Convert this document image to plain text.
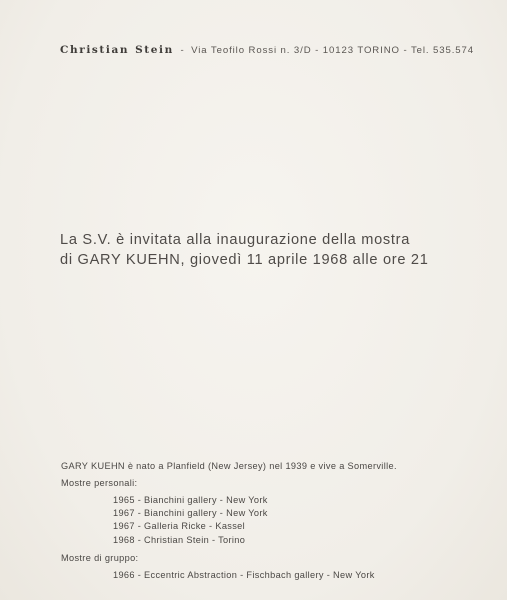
Christian Stein - Via Teofilo Rossi n. 3/D - 10123 TORINO - Tel. 535.574
La S.V. è invitata alla inaugurazione della mostra
di GARY KUEHN, giovedì 11 aprile 1968 alle ore 21
GARY KUEHN è nato a Planfield (New Jersey) nel 1939 e vive a Somerville.
Mostre personali:
1965 - Bianchini gallery - New York
1967 - Bianchini gallery - New York
1967 - Galleria Ricke - Kassel
1968 - Christian Stein - Torino
Mostre di gruppo:
1966 - Eccentric Abstraction - Fischbach gallery - New York
